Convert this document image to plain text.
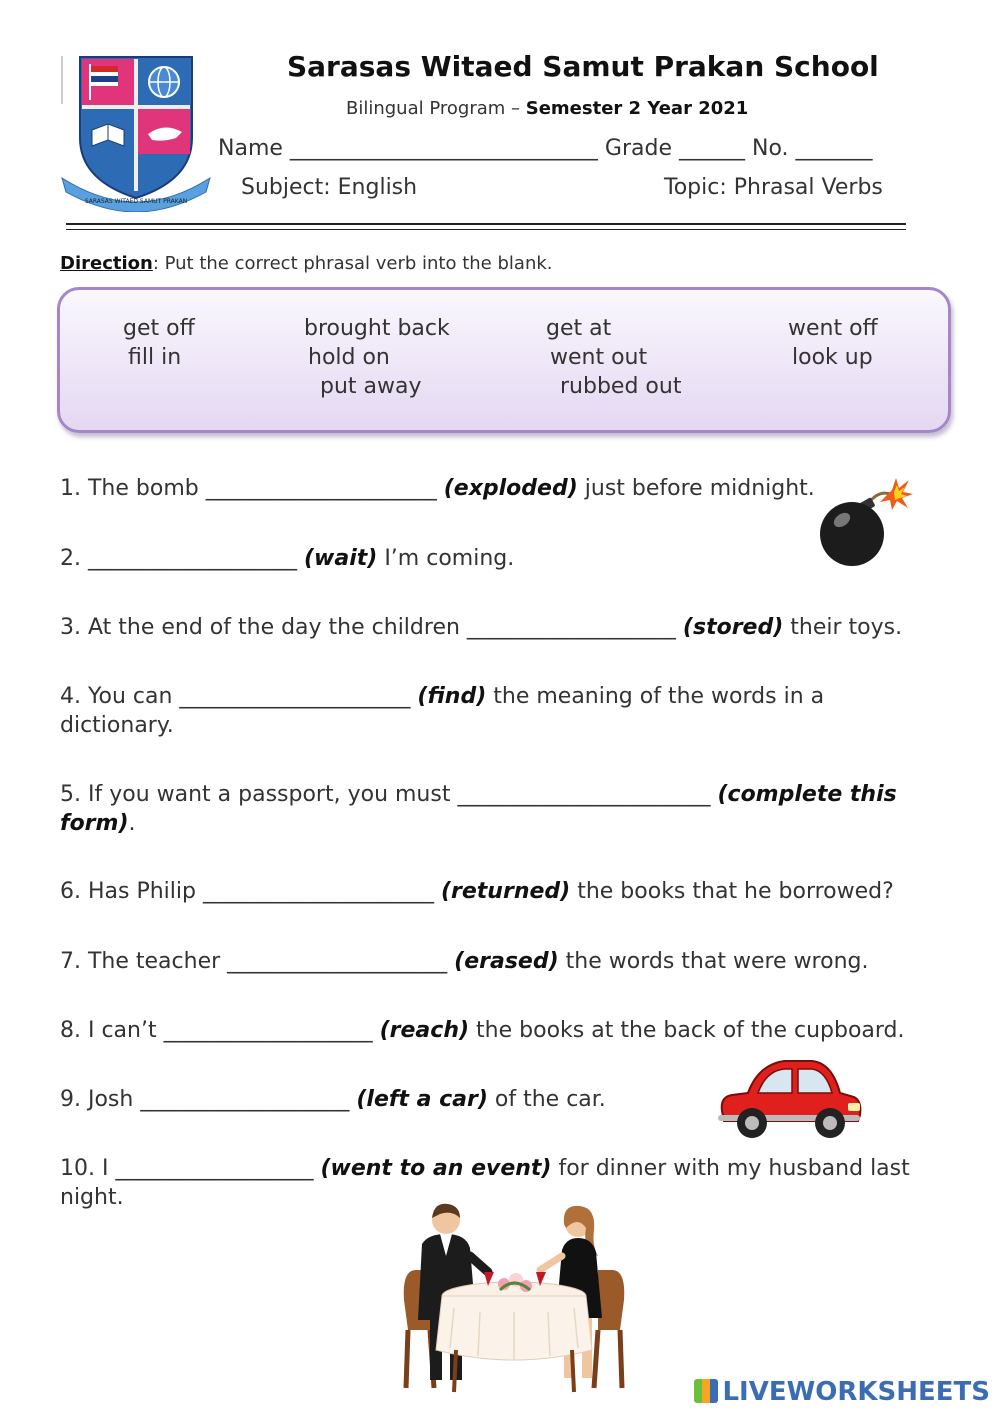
SARASAS WITAED SAMUT PRAKAN
Sarasas Witaed Samut Prakan School
Bilingual Program – Semester 2 Year 2021
Name ____________________________ Grade ______ No. _______
Subject: English	Topic: Phrasal Verbs
Direction: Put the correct phrasal verb into the blank.
get off	brought back	get at	went off
fill in	hold on	went out	look up
put away	rubbed out
1. The bomb _____________________ (exploded) just before midnight.
2. ___________________ (wait) I’m coming.
3. At the end of the day the children ___________________ (stored) their toys.
4. You can _____________________ (find) the meaning of the words in a dictionary.
5. If you want a passport, you must _______________________ (complete this form).
6. Has Philip _____________________ (returned) the books that he borrowed?
7. The teacher ____________________ (erased) the words that were wrong.
8. I can’t ___________________ (reach) the books at the back of the cupboard.
9. Josh ___________________ (left a car) of the car.
10. I __________________ (went to an event) for dinner with my husband last night.
LIVEWORKSHEETS
